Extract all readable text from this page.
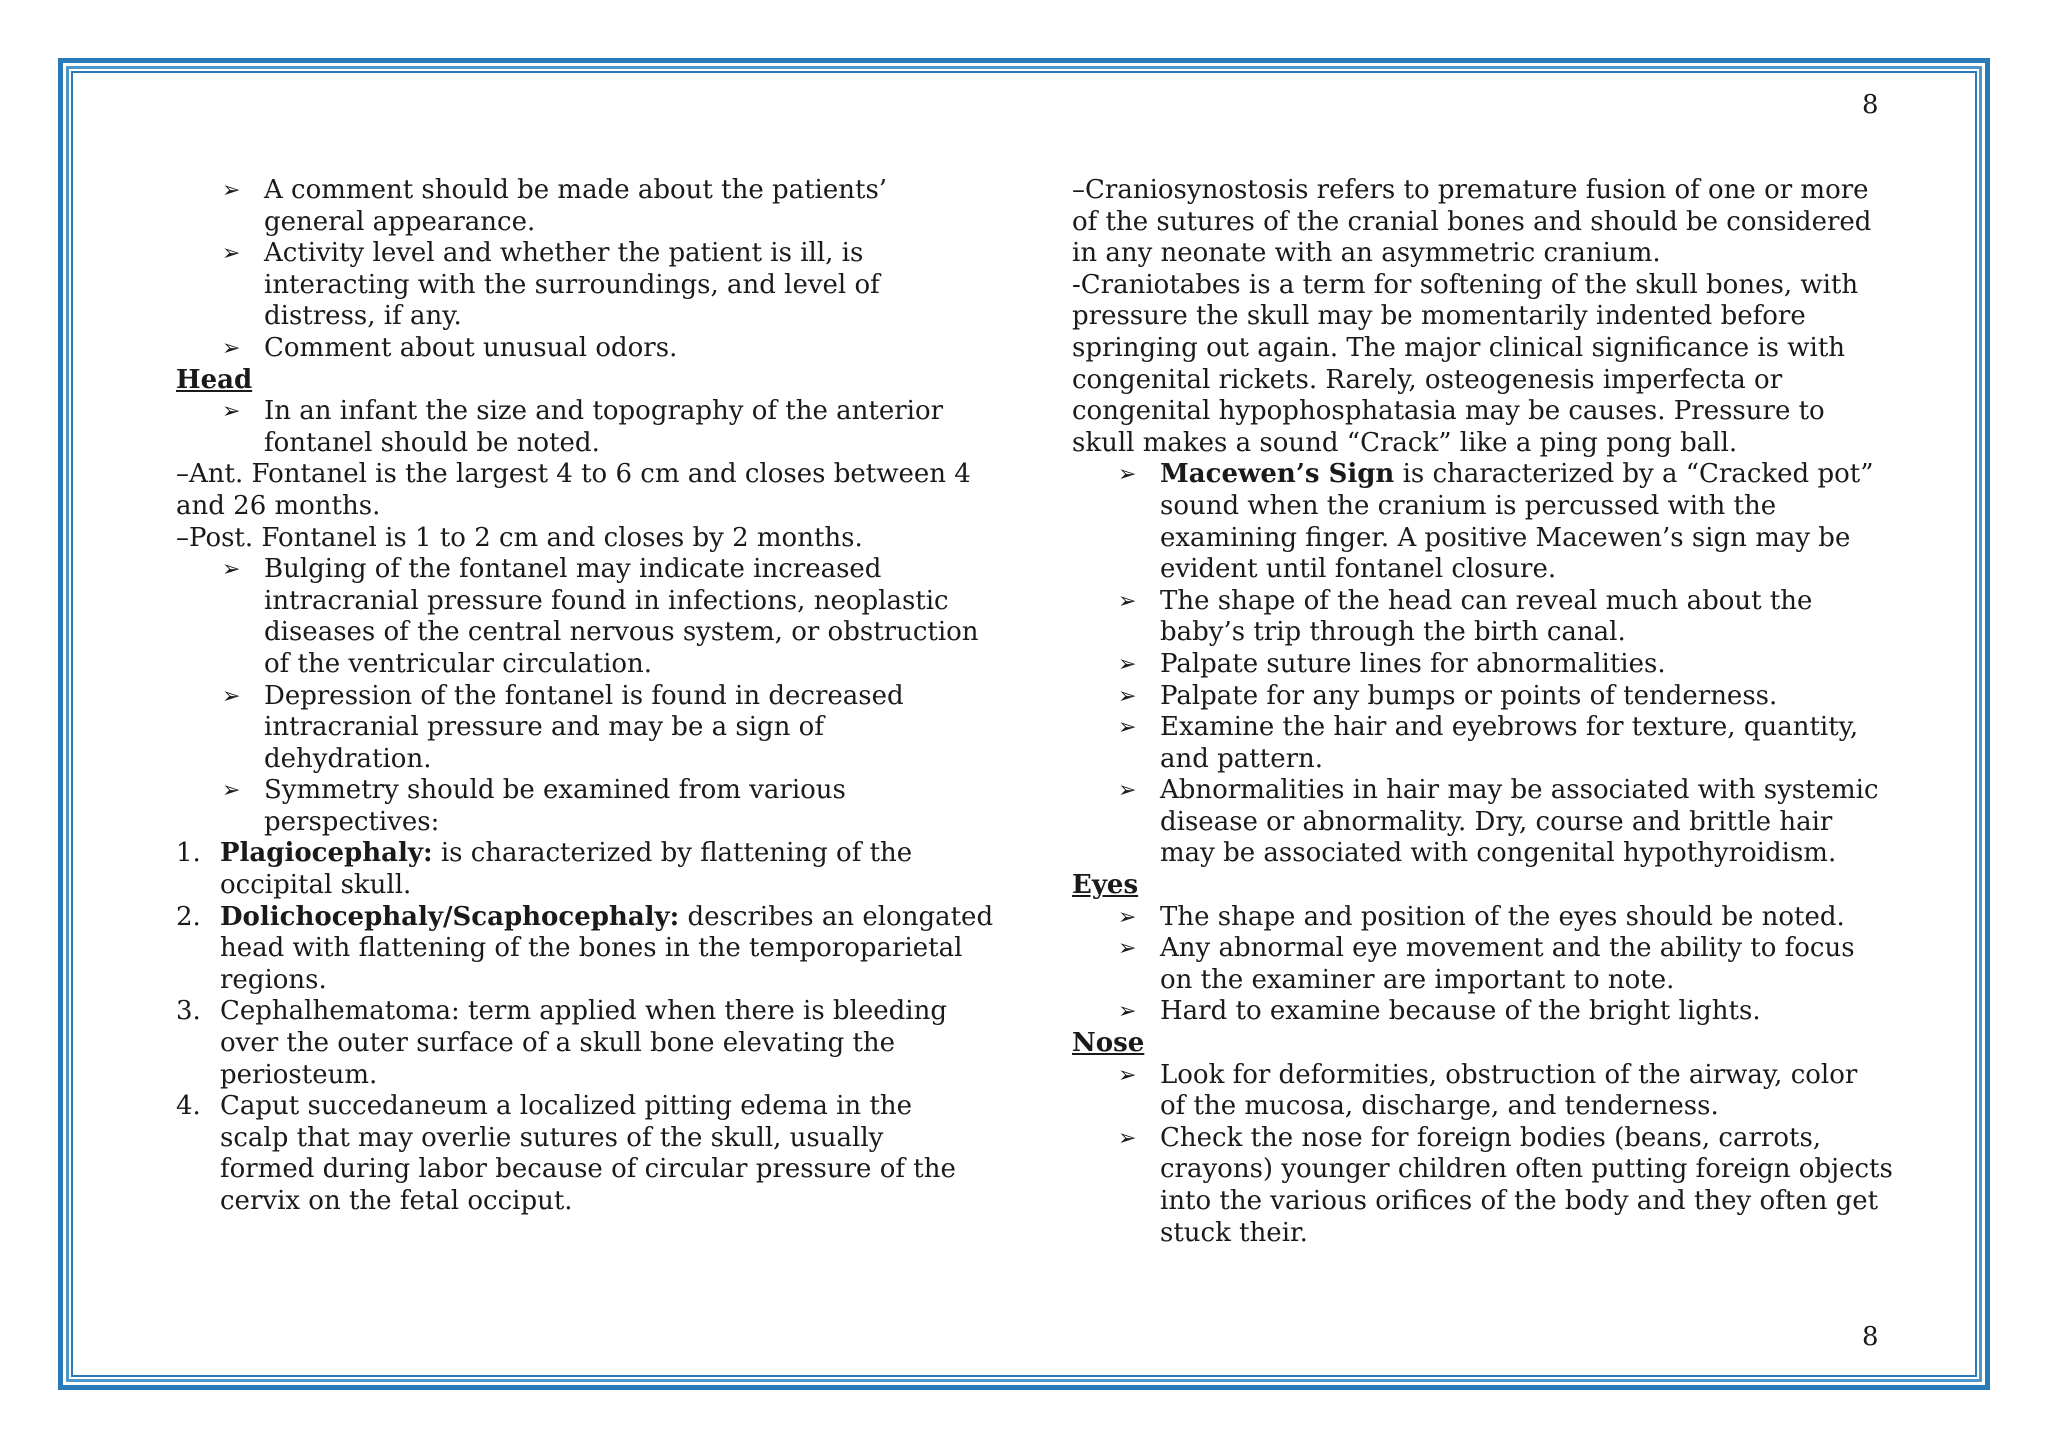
8
8
➢ A comment should be made about the patients’
general appearance.
➢ Activity level and whether the patient is ill, is
interacting with the surroundings, and level of
distress, if any.
➢ Comment about unusual odors.
Head
➢ In an infant the size and topography of the anterior
fontanel should be noted.
–Ant. Fontanel is the largest 4 to 6 cm and closes between 4
and 26 months.
–Post. Fontanel is 1 to 2 cm and closes by 2 months.
➢ Bulging of the fontanel may indicate increased
intracranial pressure found in infections, neoplastic
diseases of the central nervous system, or obstruction
of the ventricular circulation.
➢ Depression of the fontanel is found in decreased
intracranial pressure and may be a sign of
dehydration.
➢ Symmetry should be examined from various
perspectives:
1. Plagiocephaly: is characterized by flattening of the
occipital skull.
2. Dolichocephaly/Scaphocephaly: describes an elongated
head with flattening of the bones in the temporoparietal
regions.
3. Cephalhematoma: term applied when there is bleeding
over the outer surface of a skull bone elevating the
periosteum.
4. Caput succedaneum a localized pitting edema in the
scalp that may overlie sutures of the skull, usually
formed during labor because of circular pressure of the
cervix on the fetal occiput.
–Craniosynostosis refers to premature fusion of one or more
of the sutures of the cranial bones and should be considered
in any neonate with an asymmetric cranium.
-Craniotabes is a term for softening of the skull bones, with
pressure the skull may be momentarily indented before
springing out again. The major clinical significance is with
congenital rickets. Rarely, osteogenesis imperfecta or
congenital hypophosphatasia may be causes. Pressure to
skull makes a sound “Crack” like a ping pong ball.
➢ Macewen’s Sign is characterized by a “Cracked pot”
sound when the cranium is percussed with the
examining finger. A positive Macewen’s sign may be
evident until fontanel closure.
➢ The shape of the head can reveal much about the
baby’s trip through the birth canal.
➢ Palpate suture lines for abnormalities.
➢ Palpate for any bumps or points of tenderness.
➢ Examine the hair and eyebrows for texture, quantity,
and pattern.
➢ Abnormalities in hair may be associated with systemic
disease or abnormality. Dry, course and brittle hair
may be associated with congenital hypothyroidism.
Eyes
➢ The shape and position of the eyes should be noted.
➢ Any abnormal eye movement and the ability to focus
on the examiner are important to note.
➢ Hard to examine because of the bright lights.
Nose
➢ Look for deformities, obstruction of the airway, color
of the mucosa, discharge, and tenderness.
➢ Check the nose for foreign bodies (beans, carrots,
crayons) younger children often putting foreign objects
into the various orifices of the body and they often get
stuck their.
